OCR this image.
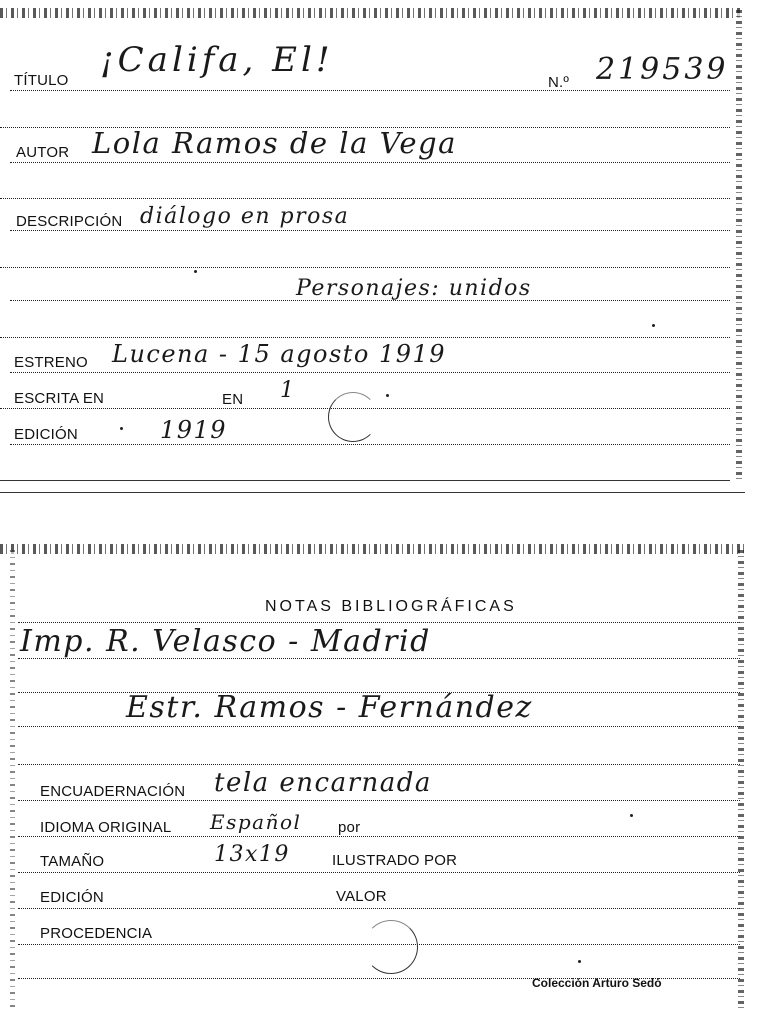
TÍTULO
¡Califa, El!
N.º 219539
AUTOR Lola Ramos de la Vega
DESCRIPCIÓN diálogo en prosa
Personajes: unidos
ESTRENO Lucena - 15 agosto 1919
ESCRITA EN	EN 1
EDICIÓN	1919
NOTAS BIBLIOGRÁFICAS
Imp. R. Velasco - Madrid
Estr. Ramos - Fernández
ENCUADERNACIÓN tela encarnada
IDIOMA ORIGINAL Español por
TAMAÑO	13x19	ILUSTRADO POR
EDICIÓN	VALOR
PROCEDENCIA
Colección Arturo Sedó
